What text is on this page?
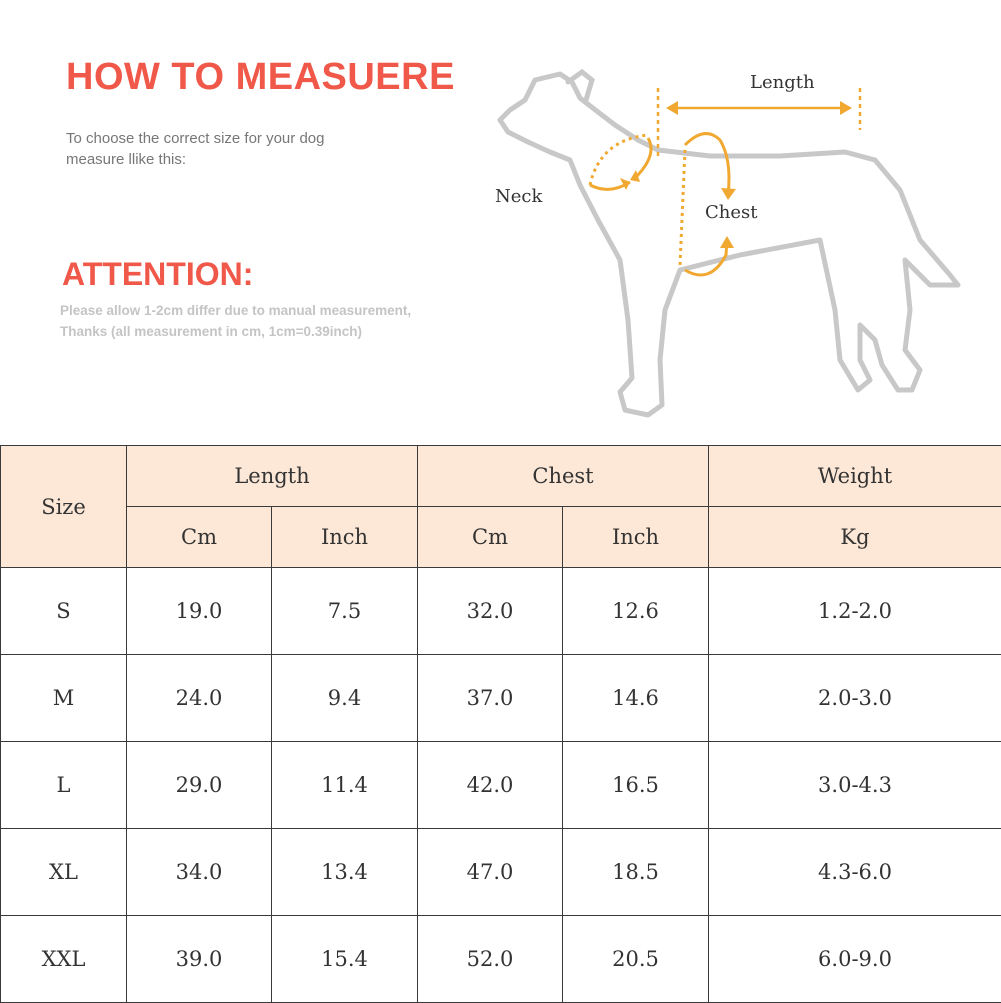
HOW TO MEASUERE
To choose the correct size for your dog
measure llike this:
ATTENTION:
Please allow 1-2cm differ due to manual measurement,
Thanks (all measurement in cm, 1cm=0.39inch)
Length
Neck
Chest
Size	Length		Chest		Weight
	Cm	Inch	Cm	Inch	Kg
S	19.0	7.5	32.0	12.6	1.2-2.0
M	24.0	9.4	37.0	14.6	2.0-3.0
L	29.0	11.4	42.0	16.5	3.0-4.3
XL	34.0	13.4	47.0	18.5	4.3-6.0
XXL	39.0	15.4	52.0	20.5	6.0-9.0
